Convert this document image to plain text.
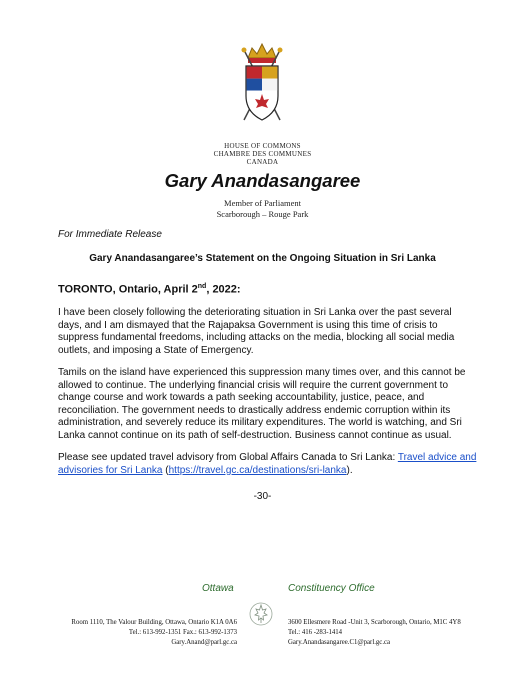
HOUSE OF COMMONS
CHAMBRE DES COMMUNES
CANADA
Gary Anandasangaree
Member of Parliament
Scarborough – Rouge Park
For Immediate Release
Gary Anandasangaree’s Statement on the Ongoing Situation in Sri Lanka
TORONTO, Ontario, April 2nd, 2022:

I have been closely following the deteriorating situation in Sri Lanka over the past several days, and I am dismayed that the Rajapaksa Government is using this time of crisis to suppress fundamental freedoms, including attacks on the media, blocking all social media outlets, and imposing a State of Emergency.

Tamils on the island have experienced this suppression many times over, and this cannot be allowed to continue. The underlying financial crisis will require the current government to change course and work towards a path seeking accountability, justice, peace, and reconciliation. The government needs to drastically address endemic corruption within its administration, and severely reduce its military expenditures. The world is watching, and Sri Lanka cannot continue on its path of self-destruction. Business cannot continue as usual.

Please see updated travel advisory from Global Affairs Canada to Sri Lanka: Travel advice and advisories for Sri Lanka (https://travel.gc.ca/destinations/sri-lanka).

-30-
Ottawa	Constituency Office
Room 1110, The Valour Building, Ottawa, Ontario K1A 0A6
Tel.: 613-992-1351 Fax.: 613-992-1373
Gary.Anand@parl.gc.ca
3600 Ellesmere Road -Unit 3, Scarborough, Ontario, M1C 4Y8
Tel.: 416 -283-1414
Gary.Anandasangaree.C1@parl.gc.ca
